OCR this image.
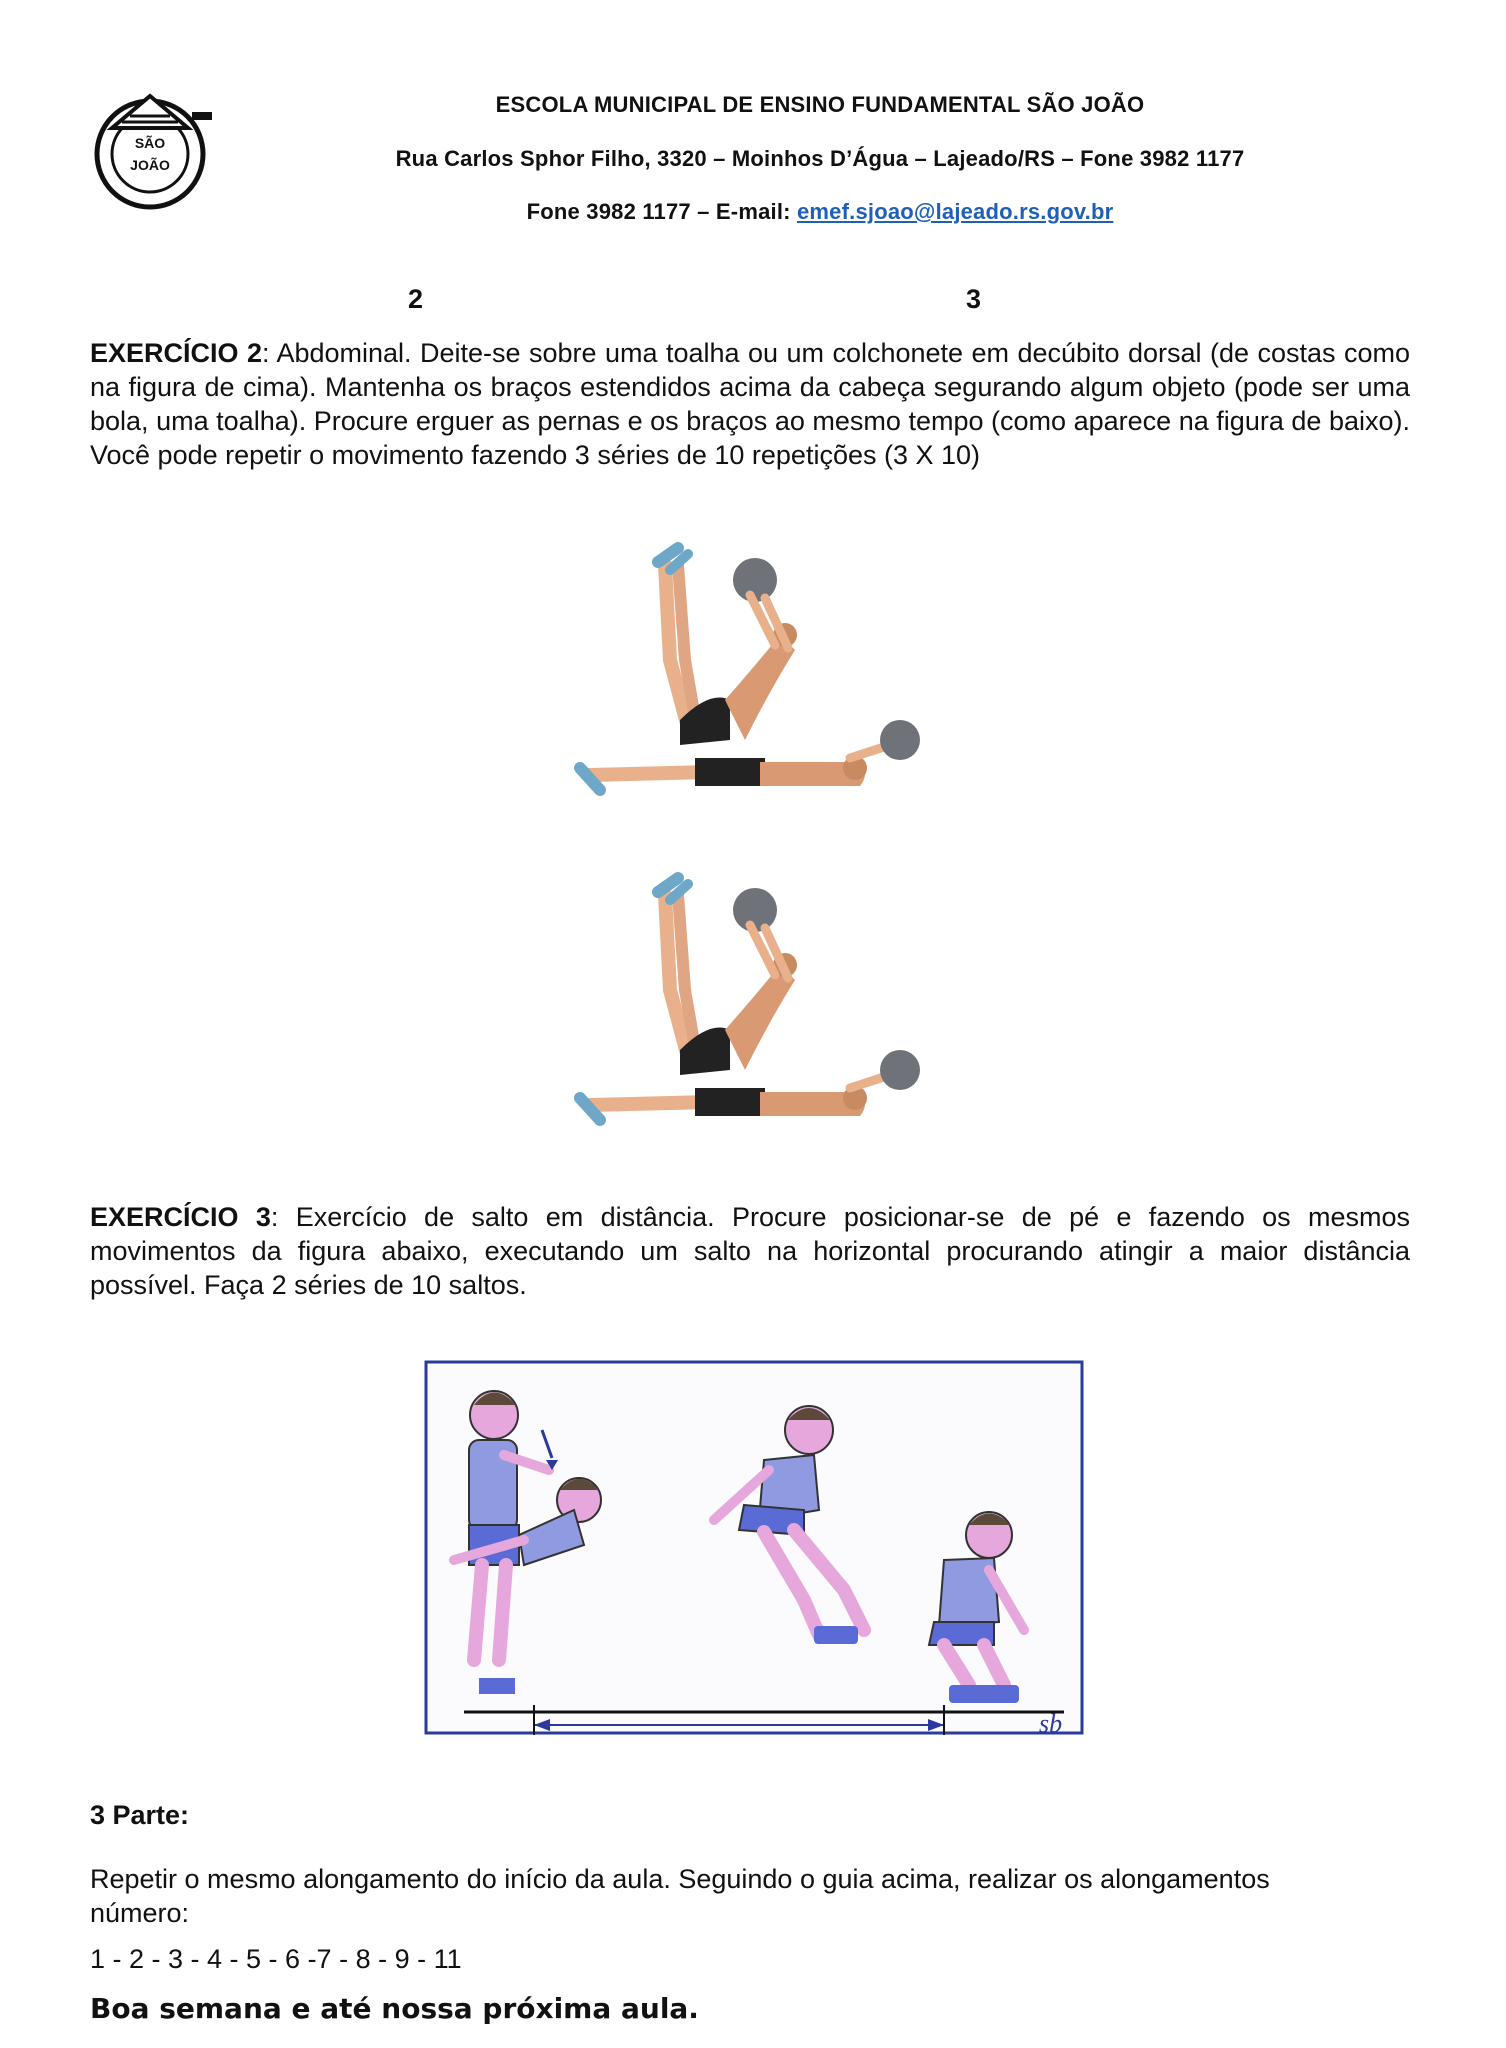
SÃO
JOÃO
ESCOLA MUNICIPAL DE ENSINO FUNDAMENTAL SÃO JOÃO
Rua Carlos Sphor Filho, 3320 – Moinhos D’Água – Lajeado/RS – Fone 3982 1177
Fone 3982 1177 – E-mail: emef.sjoao@lajeado.rs.gov.br
2	3

EXERCÍCIO 2: Abdominal. Deite-se sobre uma toalha ou um colchonete em decúbito dorsal (de costas como na figura de cima). Mantenha os braços estendidos acima da cabeça segurando algum objeto (pode ser uma bola, uma toalha). Procure erguer as pernas e os braços ao mesmo tempo (como aparece na figura de baixo). Você pode repetir o movimento fazendo 3 séries de 10 repetições (3 X 10)

EXERCÍCIO 3: Exercício de salto em distância. Procure posicionar-se de pé e fazendo os mesmos movimentos da figura abaixo, executando um salto na horizontal procurando atingir a maior distância possível. Faça 2 séries de 10 saltos.

sb
3 Parte:

Repetir o mesmo alongamento do início da aula. Seguindo o guia acima, realizar os alongamentos número:

1 - 2 - 3 - 4 - 5 - 6 -7 - 8 - 9 - 11
Boa semana e até nossa próxima aula.
